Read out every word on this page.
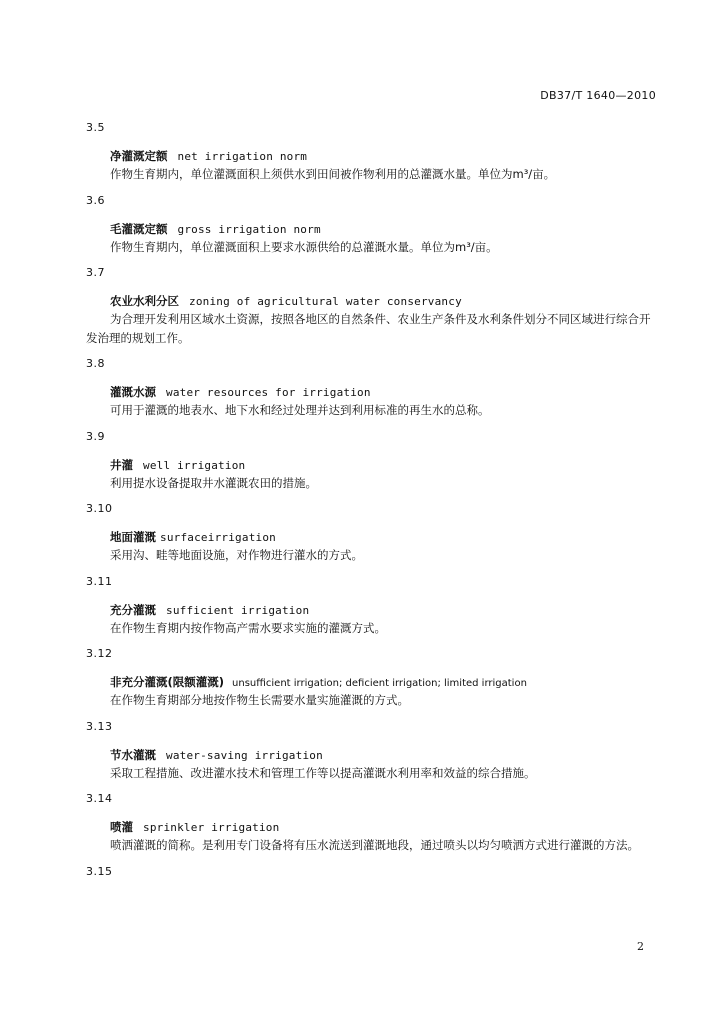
DB37/T 1640—2010
3.5
净灌溉定额 net irrigation norm
作物生育期内，单位灌溉面积上须供水到田间被作物利用的总灌溉水量。单位为m³/亩。
3.6
毛灌溉定额 gross irrigation norm
作物生育期内，单位灌溉面积上要求水源供给的总灌溉水量。单位为m³/亩。
3.7
农业水利分区 zoning of agricultural water conservancy
为合理开发利用区域水土资源，按照各地区的自然条件、农业生产条件及水利条件划分不同区域进行综合开发治理的规划工作。
3.8
灌溉水源 water resources for irrigation
可用于灌溉的地表水、地下水和经过处理并达到利用标准的再生水的总称。
3.9
井灌 well irrigation
利用提水设备提取井水灌溉农田的措施。
3.10
地面灌溉 surfaceirrigation
采用沟、畦等地面设施，对作物进行灌水的方式。
3.11
充分灌溉 sufficient irrigation
在作物生育期内按作物高产需水要求实施的灌溉方式。
3.12
非充分灌溉(限额灌溉) unsufficient irrigation; deficient irrigation; limited irrigation
在作物生育期部分地按作物生长需要水量实施灌溉的方式。
3.13
节水灌溉 water-saving irrigation
采取工程措施、改进灌水技术和管理工作等以提高灌溉水利用率和效益的综合措施。
3.14
喷灌 sprinkler irrigation
喷洒灌溉的简称。是利用专门设备将有压水流送到灌溉地段，通过喷头以均匀喷洒方式进行灌溉的方法。
3.15
2
